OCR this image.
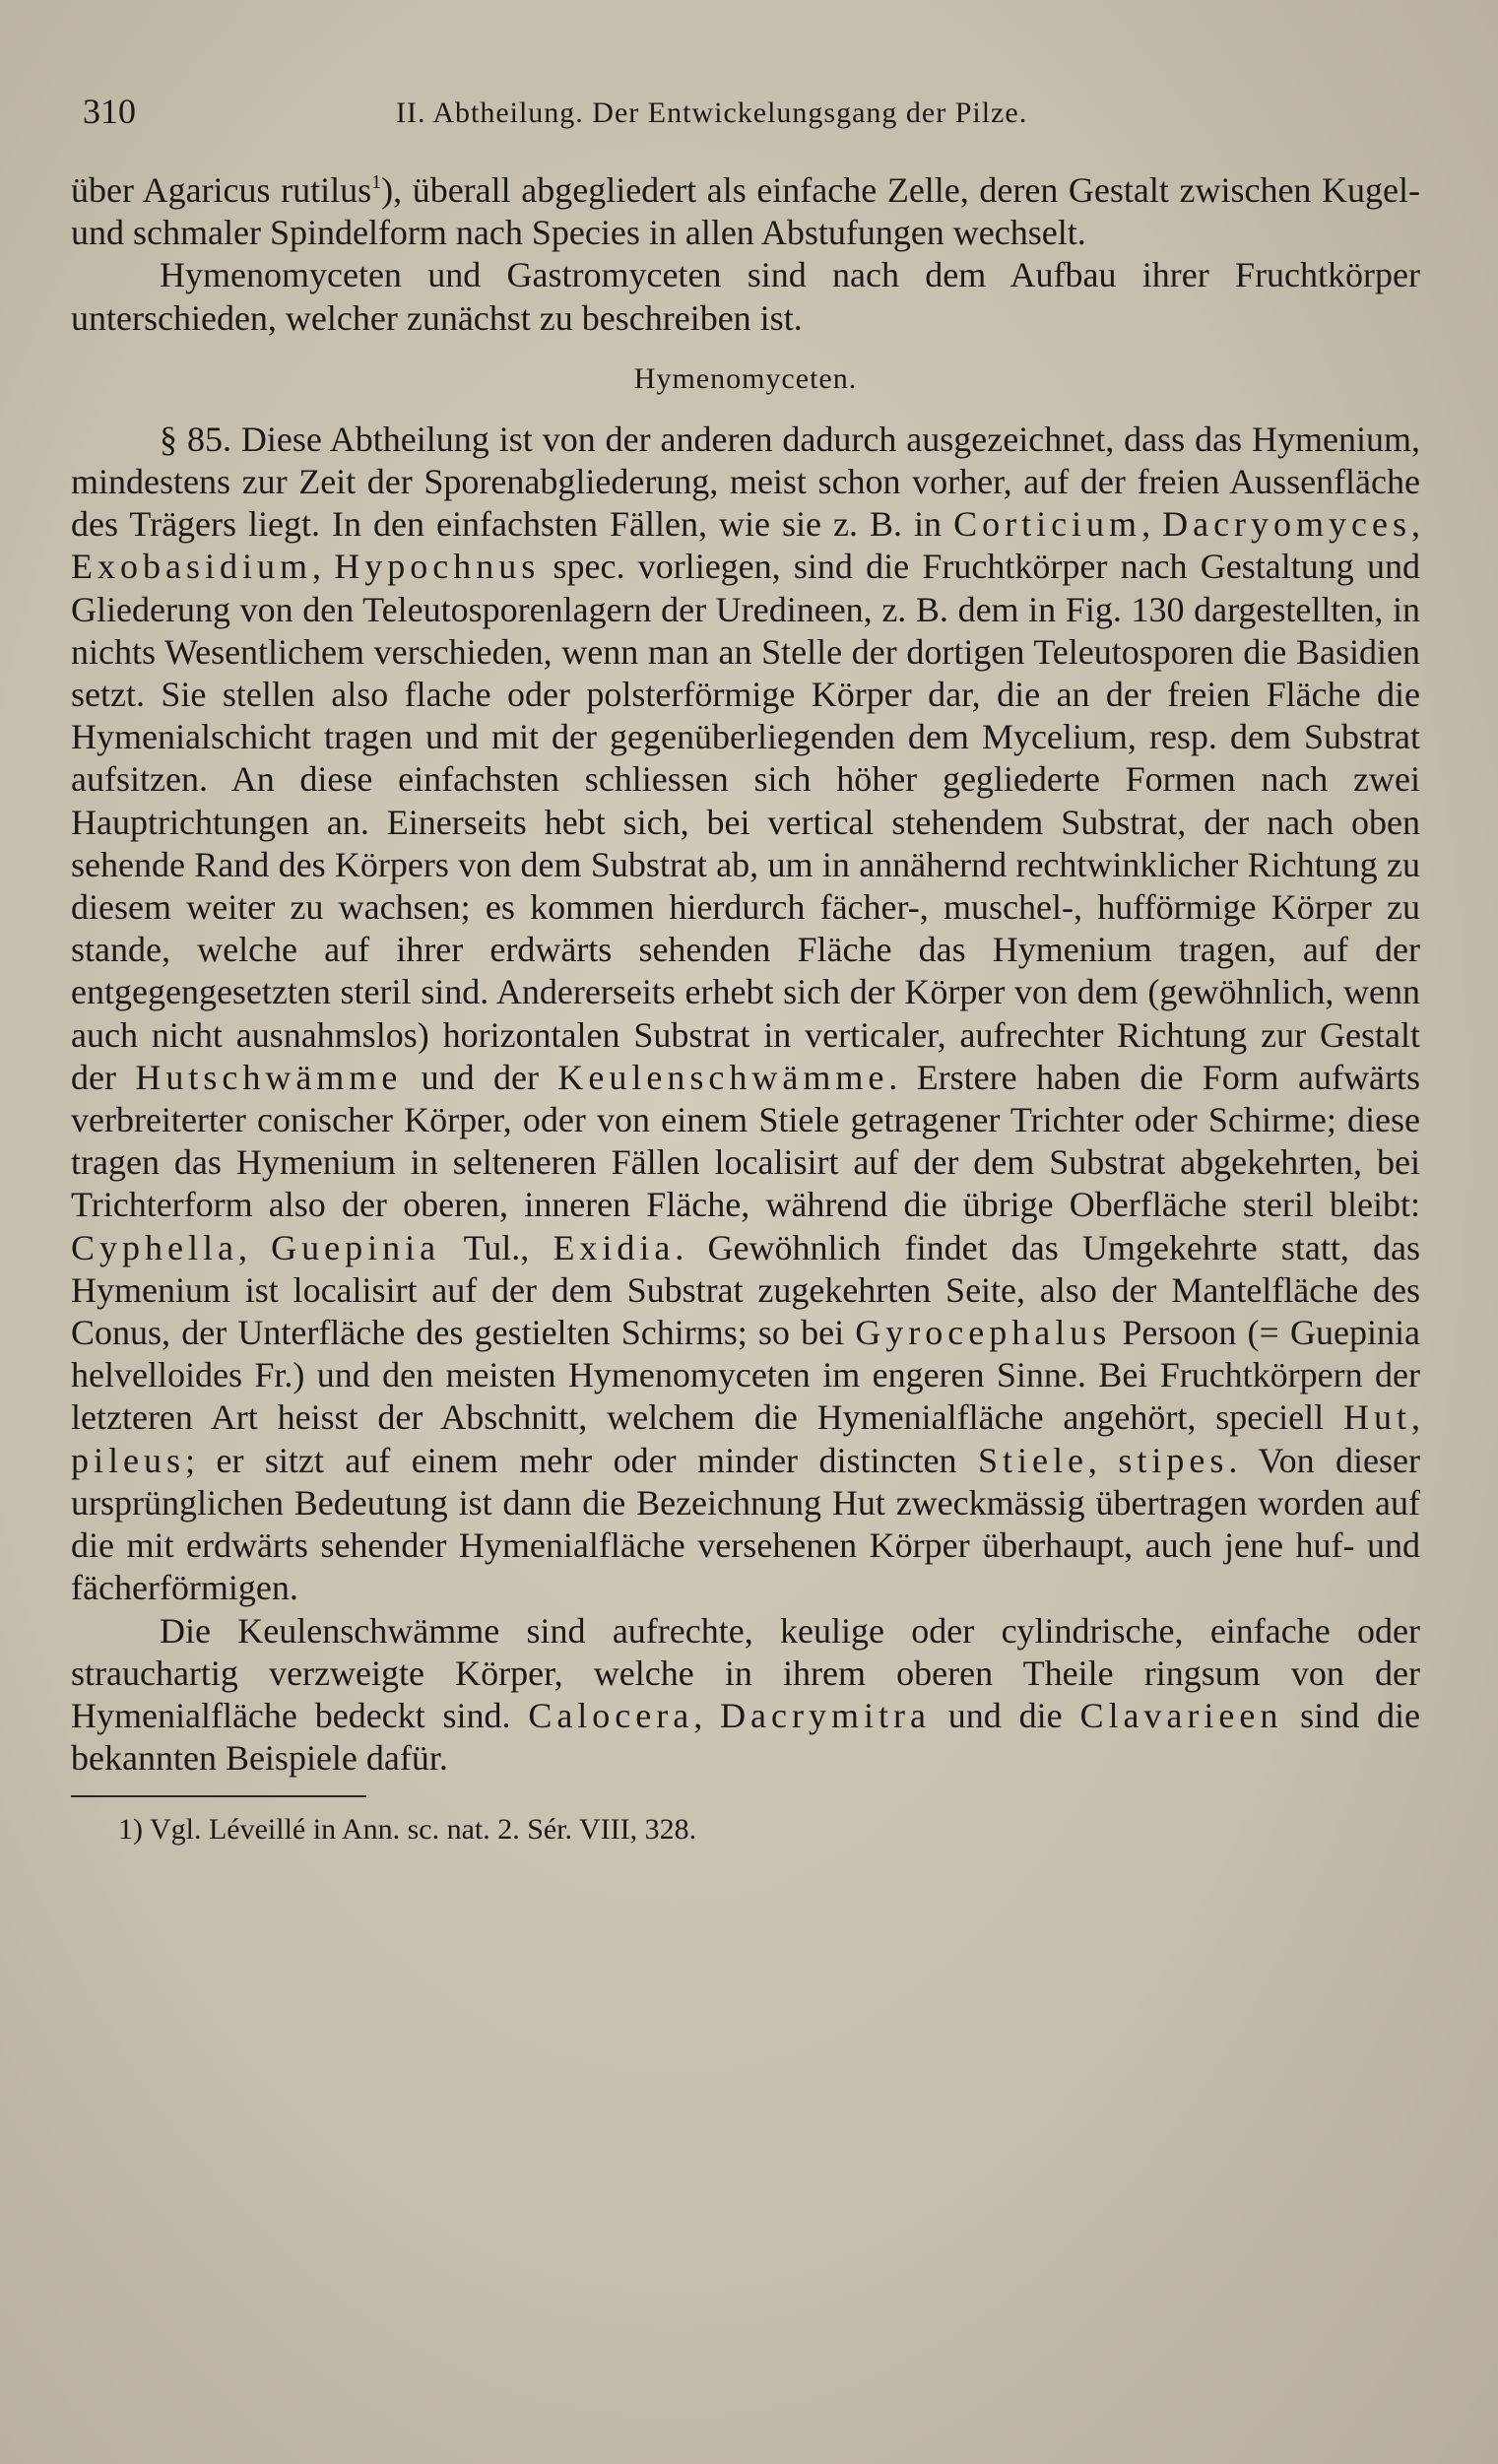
310	II. Abtheilung. Der Entwickelungsgang der Pilze.

über Agaricus rutilus$^1$), überall abgegliedert als einfache Zelle, deren Gestalt zwischen Kugel- und schmaler Spindelform nach Species in allen Abstufungen wechselt.

Hymenomyceten und Gastromyceten sind nach dem Aufbau ihrer Fruchtkörper unterschieden, welcher zunächst zu beschreiben ist.

Hymenomyceten.

§ 85. Diese Abtheilung ist von der anderen dadurch ausgezeichnet, dass das Hymenium, mindestens zur Zeit der Sporenabgliederung, meist schon vorher, auf der freien Aussenfläche des Trägers liegt. In den einfachsten Fällen, wie sie z. B. in Corticium, Dacryomyces, Exobasidium, Hypochnus spec. vorliegen, sind die Fruchtkörper nach Gestaltung und Gliederung von den Teleutosporenlagern der Uredineen, z. B. dem in Fig. 130 dargestellten, in nichts Wesentlichem verschieden, wenn man an Stelle der dortigen Teleutosporen die Basidien setzt. Sie stellen also flache oder polsterförmige Körper dar, die an der freien Fläche die Hymenialschicht tragen und mit der gegenüberliegenden dem Mycelium, resp. dem Substrat aufsitzen. An diese einfachsten schliessen sich höher gegliederte Formen nach zwei Hauptrichtungen an. Einerseits hebt sich, bei vertical stehendem Substrat, der nach oben sehende Rand des Körpers von dem Substrat ab, um in annähernd rechtwinklicher Richtung zu diesem weiter zu wachsen; es kommen hierdurch fächer-, muschel-, hufförmige Körper zu stande, welche auf ihrer erdwärts sehenden Fläche das Hymenium tragen, auf der entgegengesetzten steril sind. Andererseits erhebt sich der Körper von dem (gewöhnlich, wenn auch nicht ausnahmslos) horizontalen Substrat in verticaler, aufrechter Richtung zur Gestalt der Hutschwämme und der Keulenschwämme. Erstere haben die Form aufwärts verbreiterter conischer Körper, oder von einem Stiele getragener Trichter oder Schirme; diese tragen das Hymenium in selteneren Fällen localisirt auf der dem Substrat abgekehrten, bei Trichterform also der oberen, inneren Fläche, während die übrige Oberfläche steril bleibt: Cyphella, Guepinia Tul., Exidia. Gewöhnlich findet das Umgekehrte statt, das Hymenium ist localisirt auf der dem Substrat zugekehrten Seite, also der Mantelfläche des Conus, der Unterfläche des gestielten Schirms; so bei Gyrocephalus Persoon (= Guepinia helvelloides Fr.) und den meisten Hymenomyceten im engeren Sinne. Bei Fruchtkörpern der letzteren Art heisst der Abschnitt, welchem die Hymenialfläche angehört, speciell Hut, pileus; er sitzt auf einem mehr oder minder distincten Stiele, stipes. Von dieser ursprünglichen Bedeutung ist dann die Bezeichnung Hut zweckmässig übertragen worden auf die mit erdwärts sehender Hymenialfläche versehenen Körper überhaupt, auch jene huf- und fächerförmigen.

Die Keulenschwämme sind aufrechte, keulige oder cylindrische, einfache oder strauchartig verzweigte Körper, welche in ihrem oberen Theile ringsum von der Hymenialfläche bedeckt sind. Calocera, Dacrymitra und die Clavarieen sind die bekannten Beispiele dafür.

1) Vgl. Léveillé in Ann. sc. nat. 2. Sér. VIII, 328.
